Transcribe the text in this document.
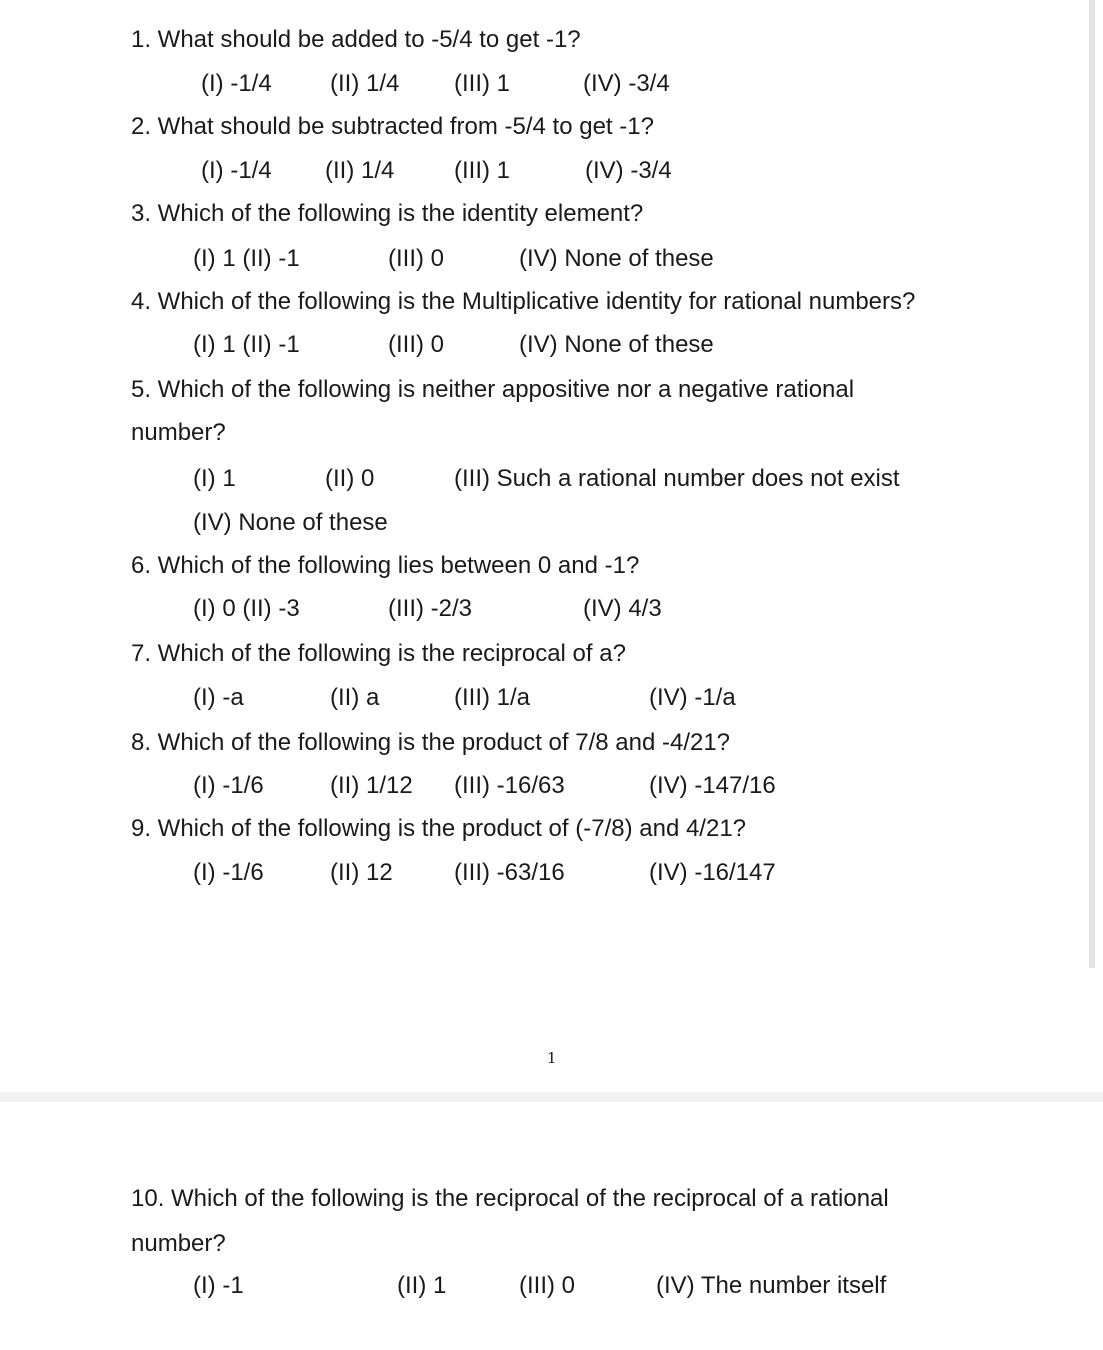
1. What should be added to -5/4 to get -1?
(I) -1/4 (II) 1/4 (III) 1	(IV) -3/4
2. What should be subtracted from -5/4 to get -1?
(I) -1/4 (II) 1/4 (III) 1	(IV) -3/4
3. Which of the following is the identity element?
(I) 1 (II) -1	(III) 0	(IV) None of these
4. Which of the following is the Multiplicative identity for rational numbers?
(I) 1 (II) -1	(III) 0	(IV) None of these
5. Which of the following is neither appositive nor a negative rational
number?
(I) 1	(II) 0	(III) Such a rational number does not exist
(IV) None of these
6. Which of the following lies between 0 and -1?
(I) 0 (II) -3	(III) -2/3	(IV) 4/3
7. Which of the following is the reciprocal of a?
(I) -a	(II) a	(III) 1/a	(IV) -1/a
8. Which of the following is the product of 7/8 and -4/21?
(I) -1/6	(II) 1/12 (III) -16/63	(IV) -147/16
9. Which of the following is the product of (-7/8) and 4/21?
(I) -1/6	(II) 12	(III) -63/16	(IV) -16/147
1
10. Which of the following is the reciprocal of the reciprocal of a rational
number?
(I) -1	(II) 1	(III) 0	(IV) The number itself
